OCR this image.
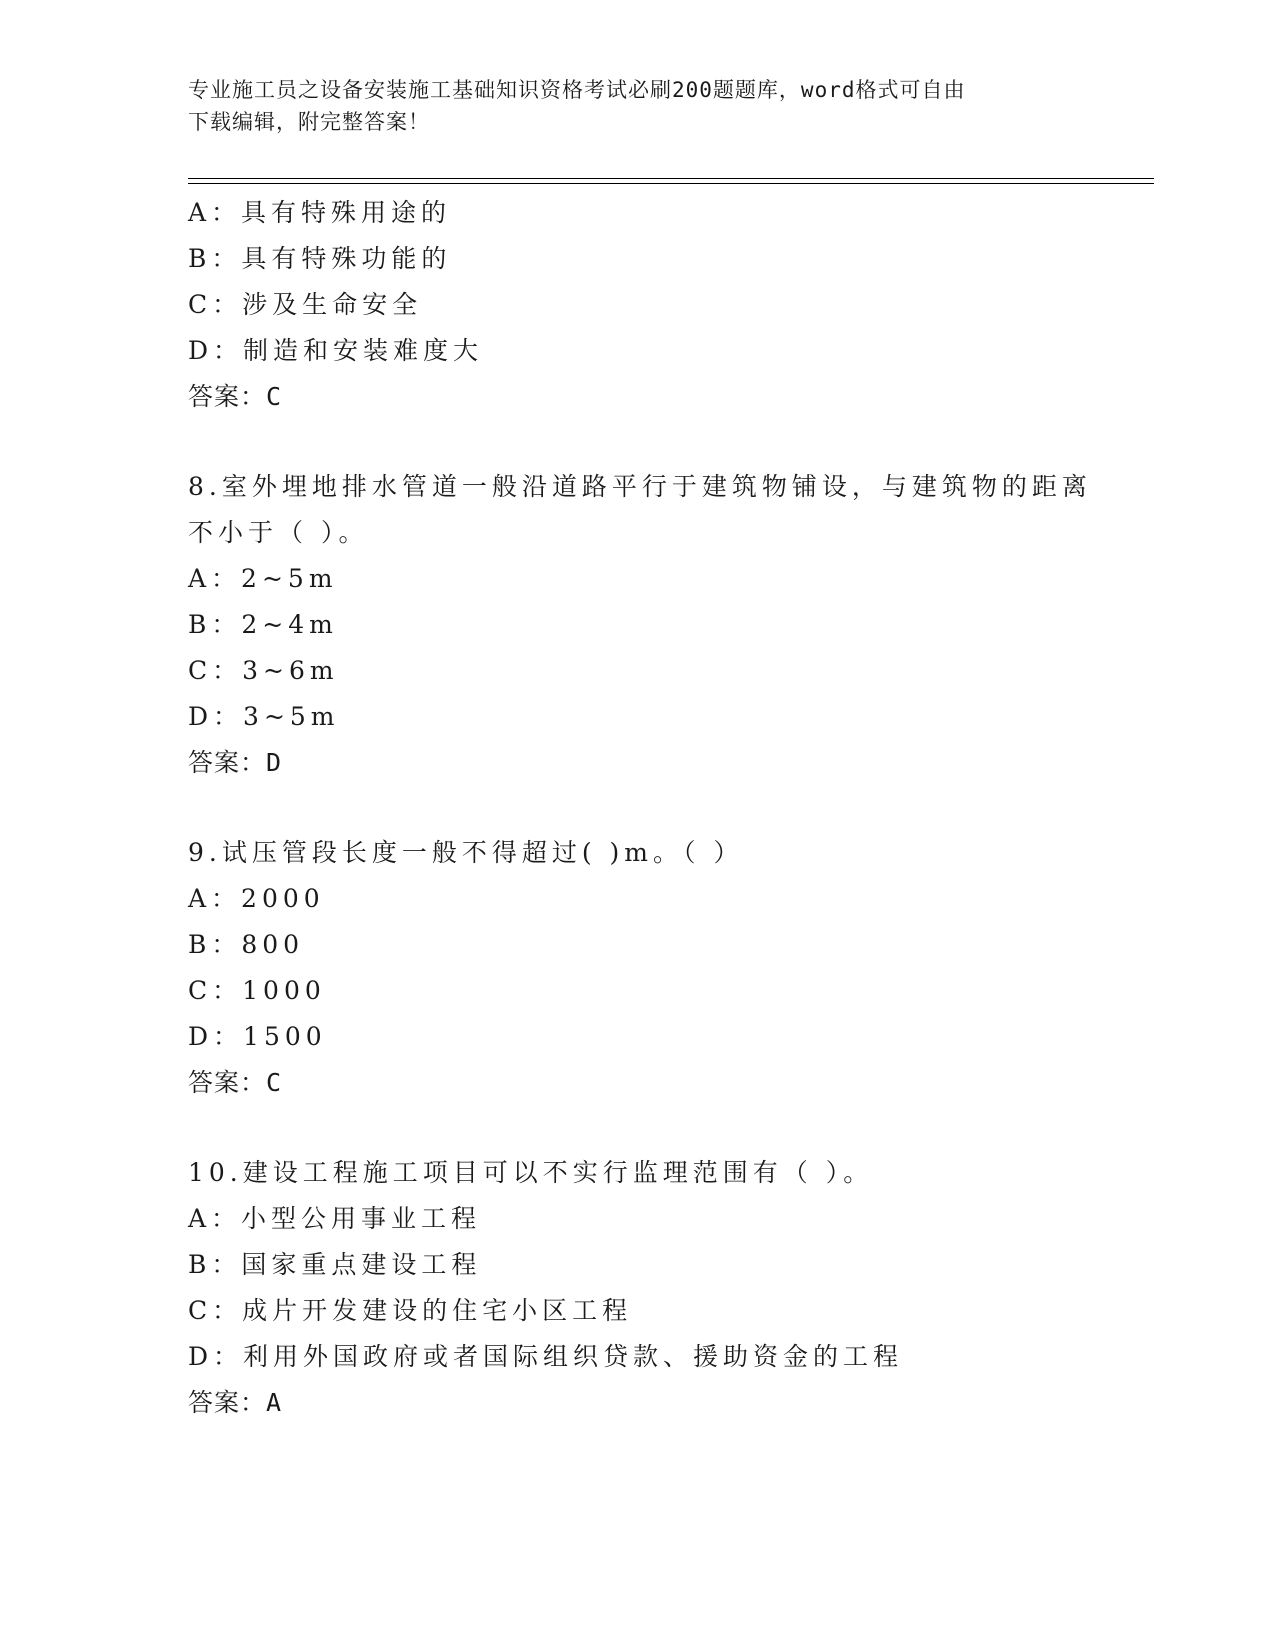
专业施工员之设备安装施工基础知识资格考试必刷200题题库，word格式可自由
下载编辑，附完整答案！
A：具有特殊用途的
B：具有特殊功能的
C：涉及生命安全
D：制造和安装难度大
答案：C
8.室外埋地排水管道一般沿道路平行于建筑物铺设，与建筑物的距离
不小于（ ）。
A：2~5m
B：2~4m
C：3~6m
D：3~5m
答案：D
9.试压管段长度一般不得超过( )m。（ ）
A：2000
B：800
C：1000
D：1500
答案：C
10.建设工程施工项目可以不实行监理范围有（ ）。
A：小型公用事业工程
B：国家重点建设工程
C：成片开发建设的住宅小区工程
D：利用外国政府或者国际组织贷款、援助资金的工程
答案：A
